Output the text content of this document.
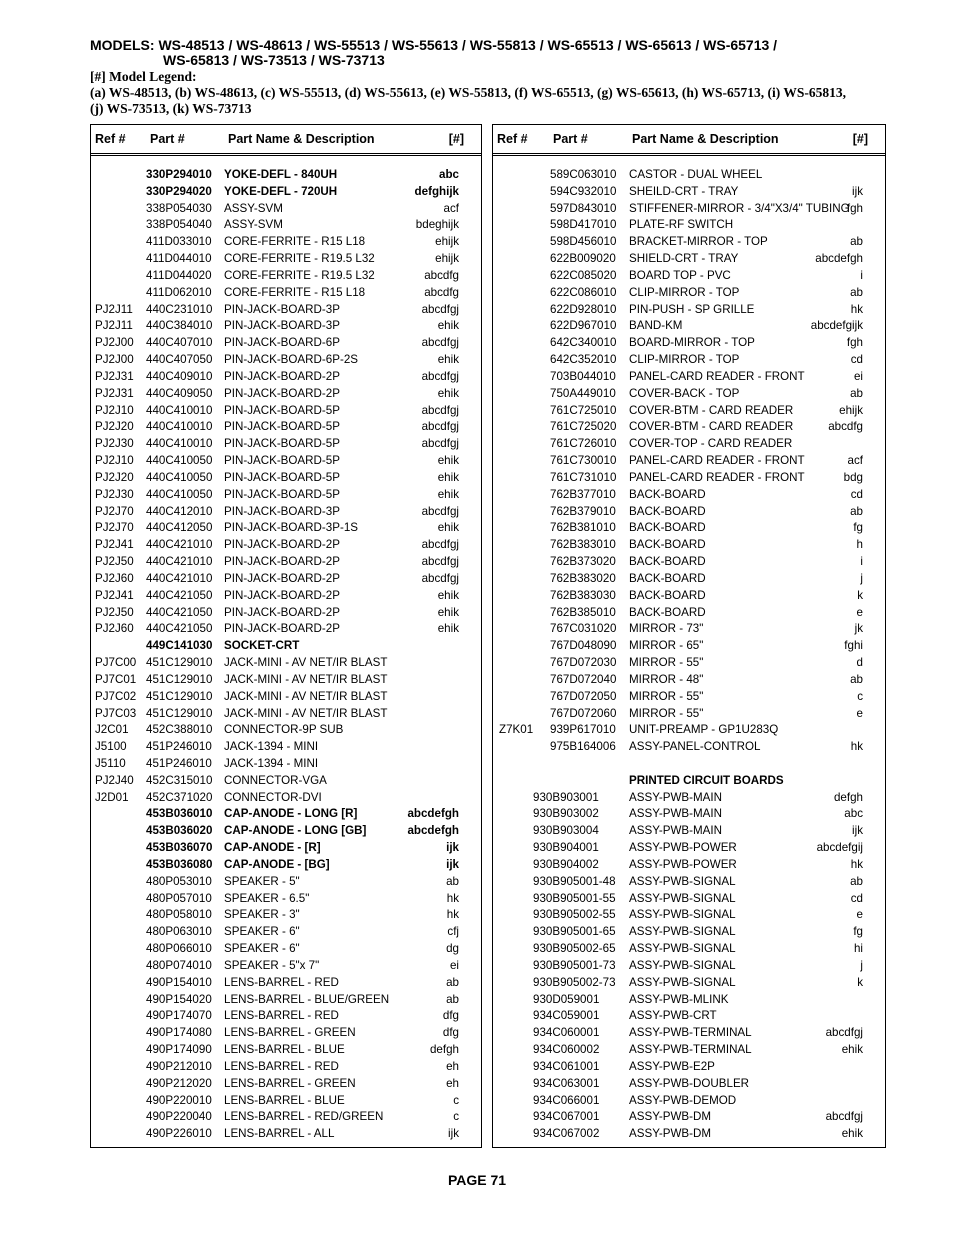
MODELS: WS-48513 / WS-48613 / WS-55513 / WS-55613 / WS-55813 / WS-65513 / WS-65613 / WS-65713 /
WS-65813 / WS-73513 / WS-73713
[#] Model Legend:
(a) WS-48513, (b) WS-48613, (c) WS-55513, (d) WS-55613, (e) WS-55813, (f) WS-65513, (g) WS-65613, (h) WS-65713, (i) WS-65813,
(j) WS-73513, (k) WS-73713
Ref # Part #	Part Name & Description	[#]
330P294010 YOKE-DEFL - 840UH	abc
330P294020 YOKE-DEFL - 720UH	defghijk
338P054030 ASSY-SVM	acf
338P054040 ASSY-SVM	bdeghijk
411D033010 CORE-FERRITE - R15 L18	ehijk
411D044010 CORE-FERRITE - R19.5 L32	ehijk
411D044020 CORE-FERRITE - R19.5 L32	abcdfg
411D062010 CORE-FERRITE - R15 L18	abcdfg
PJ2J11 440C231010 PIN-JACK-BOARD-3P	abcdfgj
PJ2J11 440C384010 PIN-JACK-BOARD-3P	ehik
PJ2J00 440C407010 PIN-JACK-BOARD-6P	abcdfgj
PJ2J00 440C407050 PIN-JACK-BOARD-6P-2S	ehik
PJ2J31 440C409010 PIN-JACK-BOARD-2P	abcdfgj
PJ2J31 440C409050 PIN-JACK-BOARD-2P	ehik
PJ2J10 440C410010 PIN-JACK-BOARD-5P	abcdfgj
PJ2J20 440C410010 PIN-JACK-BOARD-5P	abcdfgj
PJ2J30 440C410010 PIN-JACK-BOARD-5P	abcdfgj
PJ2J10 440C410050 PIN-JACK-BOARD-5P	ehik
PJ2J20 440C410050 PIN-JACK-BOARD-5P	ehik
PJ2J30 440C410050 PIN-JACK-BOARD-5P	ehik
PJ2J70 440C412010 PIN-JACK-BOARD-3P	abcdfgj
PJ2J70 440C412050 PIN-JACK-BOARD-3P-1S	ehik
PJ2J41 440C421010 PIN-JACK-BOARD-2P	abcdfgj
PJ2J50 440C421010 PIN-JACK-BOARD-2P	abcdfgj
PJ2J60 440C421010 PIN-JACK-BOARD-2P	abcdfgj
PJ2J41 440C421050 PIN-JACK-BOARD-2P	ehik
PJ2J50 440C421050 PIN-JACK-BOARD-2P	ehik
PJ2J60 440C421050 PIN-JACK-BOARD-2P	ehik
449C141030 SOCKET-CRT
PJ7C00 451C129010 JACK-MINI - AV NET/IR BLAST
PJ7C01 451C129010 JACK-MINI - AV NET/IR BLAST
PJ7C02 451C129010 JACK-MINI - AV NET/IR BLAST
PJ7C03 451C129010 JACK-MINI - AV NET/IR BLAST
J2C01 452C388010 CONNECTOR-9P SUB
J5100 451P246010 JACK-1394 - MINI
J5110 451P246010 JACK-1394 - MINI
PJ2J40 452C315010 CONNECTOR-VGA
J2D01 452C371020 CONNECTOR-DVI
453B036010 CAP-ANODE - LONG [R]	abcdefgh
453B036020 CAP-ANODE - LONG [GB]	abcdefgh
453B036070 CAP-ANODE - [R]	ijk
453B036080 CAP-ANODE - [BG]	ijk
480P053010 SPEAKER - 5"	ab
480P057010 SPEAKER - 6.5"	hk
480P058010 SPEAKER - 3"	hk
480P063010 SPEAKER - 6"	cfj
480P066010 SPEAKER - 6"	dg
480P074010 SPEAKER - 5"x 7"	ei
490P154010 LENS-BARREL - RED	ab
490P154020 LENS-BARREL - BLUE/GREEN	ab
490P174070 LENS-BARREL - RED	dfg
490P174080 LENS-BARREL - GREEN	dfg
490P174090 LENS-BARREL - BLUE	defgh
490P212010 LENS-BARREL - RED	eh
490P212020 LENS-BARREL - GREEN	eh
490P220010 LENS-BARREL - BLUE	c
490P220040 LENS-BARREL - RED/GREEN	c
490P226010 LENS-BARREL - ALL	ijk
Ref # Part #	Part Name & Description	[#]
589C063010 CASTOR - DUAL WHEEL
594C932010 SHEILD-CRT - TRAY	ijk
597D843010 STIFFENER-MIRROR - 3/4"X3/4" TUBING
fgh
598D417010 PLATE-RF SWITCH
598D456010 BRACKET-MIRROR - TOP	ab
622B009020 SHIELD-CRT - TRAY	abcdefgh
622C085020 BOARD TOP - PVC	i
622C086010 CLIP-MIRROR - TOP	ab
622D928010 PIN-PUSH - SP GRILLE	hk
622D967010 BAND-KM	abcdefgijk
642C340010 BOARD-MIRROR - TOP	fgh
642C352010 CLIP-MIRROR - TOP	cd
703B044010 PANEL-CARD READER - FRONT	ei
750A449010 COVER-BACK - TOP	ab
761C725010 COVER-BTM - CARD READER	ehijk
761C725020 COVER-BTM - CARD READER	abcdfg
761C726010 COVER-TOP - CARD READER
761C730010 PANEL-CARD READER - FRONT	acf
761C731010 PANEL-CARD READER - FRONT	bdg
762B377010 BACK-BOARD	cd
762B379010 BACK-BOARD	ab
762B381010 BACK-BOARD	fg
762B383010 BACK-BOARD	h
762B373020 BACK-BOARD	i
762B383020 BACK-BOARD	j
762B383030 BACK-BOARD	k
762B385010 BACK-BOARD	e
767C031020 MIRROR - 73"	jk
767D048090 MIRROR - 65"	fghi
767D072030 MIRROR - 55"	d
767D072040 MIRROR - 48"	ab
767D072050 MIRROR - 55"	c
767D072060 MIRROR - 55"	e
Z7K01 939P617010 UNIT-PREAMP - GP1U283Q
975B164006 ASSY-PANEL-CONTROL	hk
PRINTED CIRCUIT BOARDS
930B903001	ASSY-PWB-MAIN	defgh
930B903002	ASSY-PWB-MAIN	abc
930B903004	ASSY-PWB-MAIN	ijk
930B904001	ASSY-PWB-POWER	abcdefgij
930B904002	ASSY-PWB-POWER	hk
930B905001-48 ASSY-PWB-SIGNAL	ab
930B905001-55 ASSY-PWB-SIGNAL	cd
930B905002-55 ASSY-PWB-SIGNAL	e
930B905001-65 ASSY-PWB-SIGNAL	fg
930B905002-65 ASSY-PWB-SIGNAL	hi
930B905001-73 ASSY-PWB-SIGNAL	j
930B905002-73 ASSY-PWB-SIGNAL	k
930D059001	ASSY-PWB-MLINK
934C059001	ASSY-PWB-CRT
934C060001	ASSY-PWB-TERMINAL	abcdfgj
934C060002	ASSY-PWB-TERMINAL	ehik
934C061001	ASSY-PWB-E2P
934C063001	ASSY-PWB-DOUBLER
934C066001	ASSY-PWB-DEMOD
934C067001	ASSY-PWB-DM	abcdfgj
934C067002	ASSY-PWB-DM	ehik
PAGE 71
